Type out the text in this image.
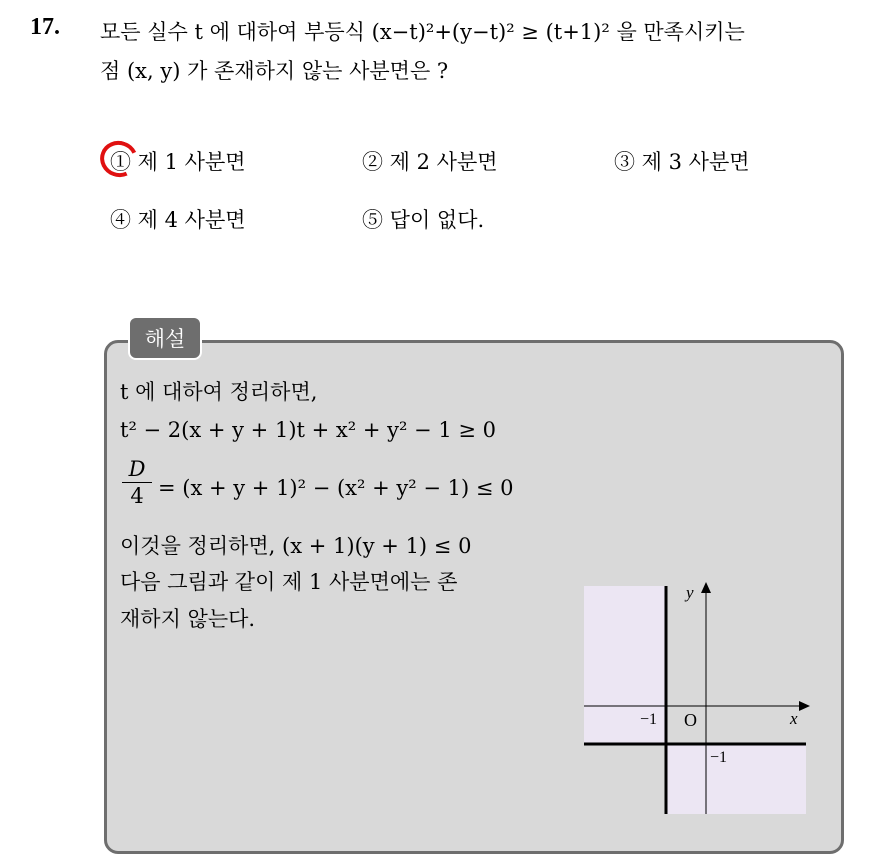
17. 모든 실수 t 에 대하여 부등식 (x−t)²+(y−t)² ≥ (t+1)² 을 만족시키는
점 (x, y) 가 존재하지 않는 사분면은 ?
① 제 1 사분면	② 제 2 사분면	③ 제 3 사분면
④ 제 4 사분면	⑤ 답이 없다.
해설
t 에 대하여 정리하면,
t² − 2(x + y + 1)t + x² + y² − 1 ≥ 0
$\frac{D}{4} = (x + y + 1)^2 - (x^2 + y^2 - 1) \le 0$
이것을 정리하면, (x + 1)(y + 1) ≤ 0
다음 그림과 같이 제 1 사분면에는 존
재하지 않는다.
y
x
O
−1
−1
